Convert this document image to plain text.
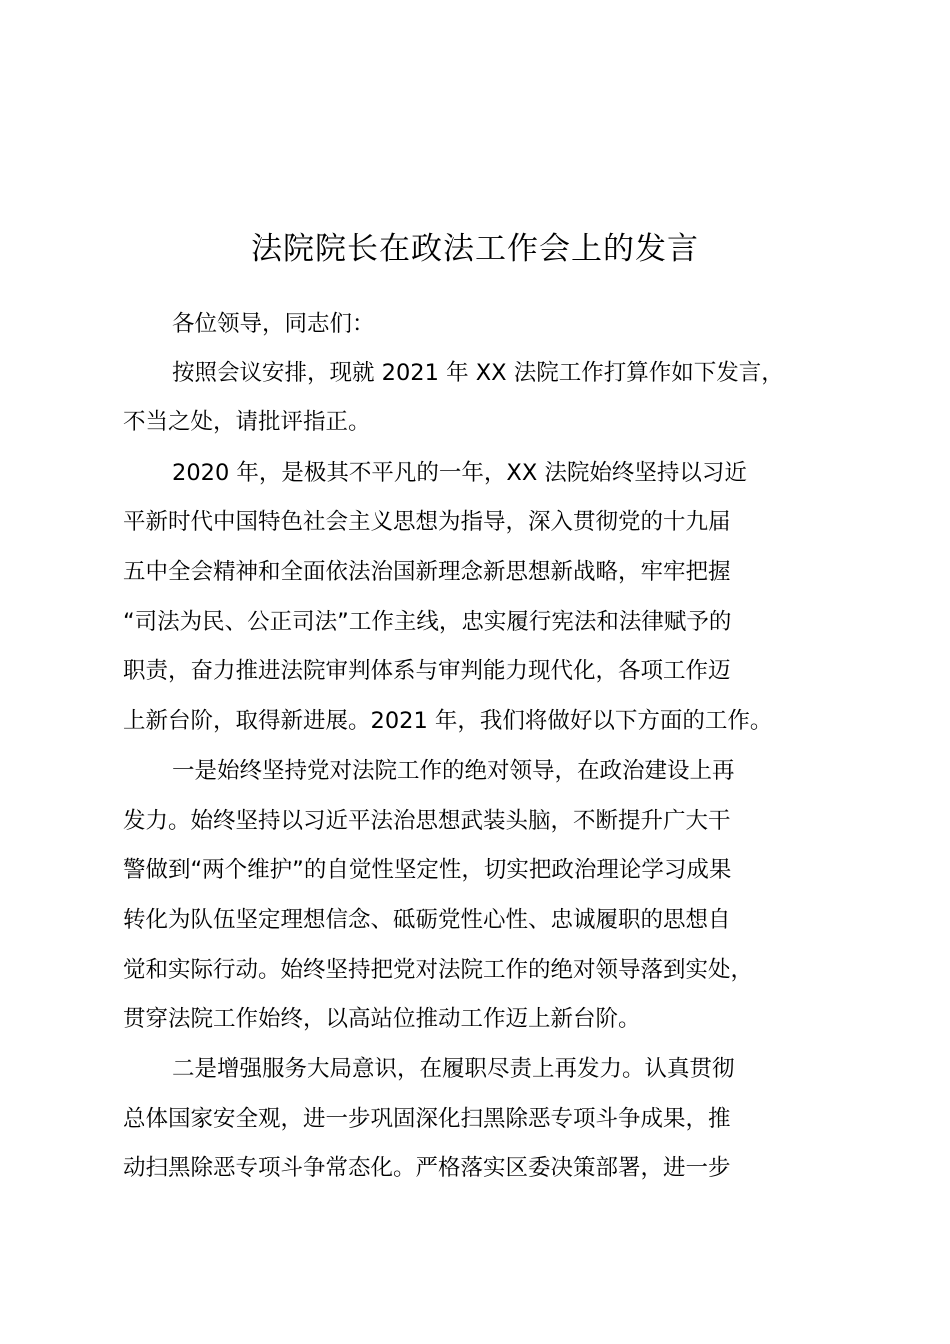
法院院长在政法工作会上的发言
各位领导，同志们：
按照会议安排，现就 2021 年 XX 法院工作打算作如下发言，
不当之处，请批评指正。
2020 年，是极其不平凡的一年，XX 法院始终坚持以习近
平新时代中国特色社会主义思想为指导，深入贯彻党的十九届
五中全会精神和全面依法治国新理念新思想新战略，牢牢把握
“司法为民、公正司法”工作主线，忠实履行宪法和法律赋予的
职责，奋力推进法院审判体系与审判能力现代化，各项工作迈
上新台阶，取得新进展。2021 年，我们将做好以下方面的工作。
一是始终坚持党对法院工作的绝对领导，在政治建设上再
发力。始终坚持以习近平法治思想武装头脑，不断提升广大干
警做到“两个维护”的自觉性坚定性，切实把政治理论学习成果
转化为队伍坚定理想信念、砥砺党性心性、忠诚履职的思想自
觉和实际行动。始终坚持把党对法院工作的绝对领导落到实处，
贯穿法院工作始终，以高站位推动工作迈上新台阶。
二是增强服务大局意识，在履职尽责上再发力。认真贯彻
总体国家安全观，进一步巩固深化扫黑除恶专项斗争成果，推
动扫黑除恶专项斗争常态化。严格落实区委决策部署，进一步
